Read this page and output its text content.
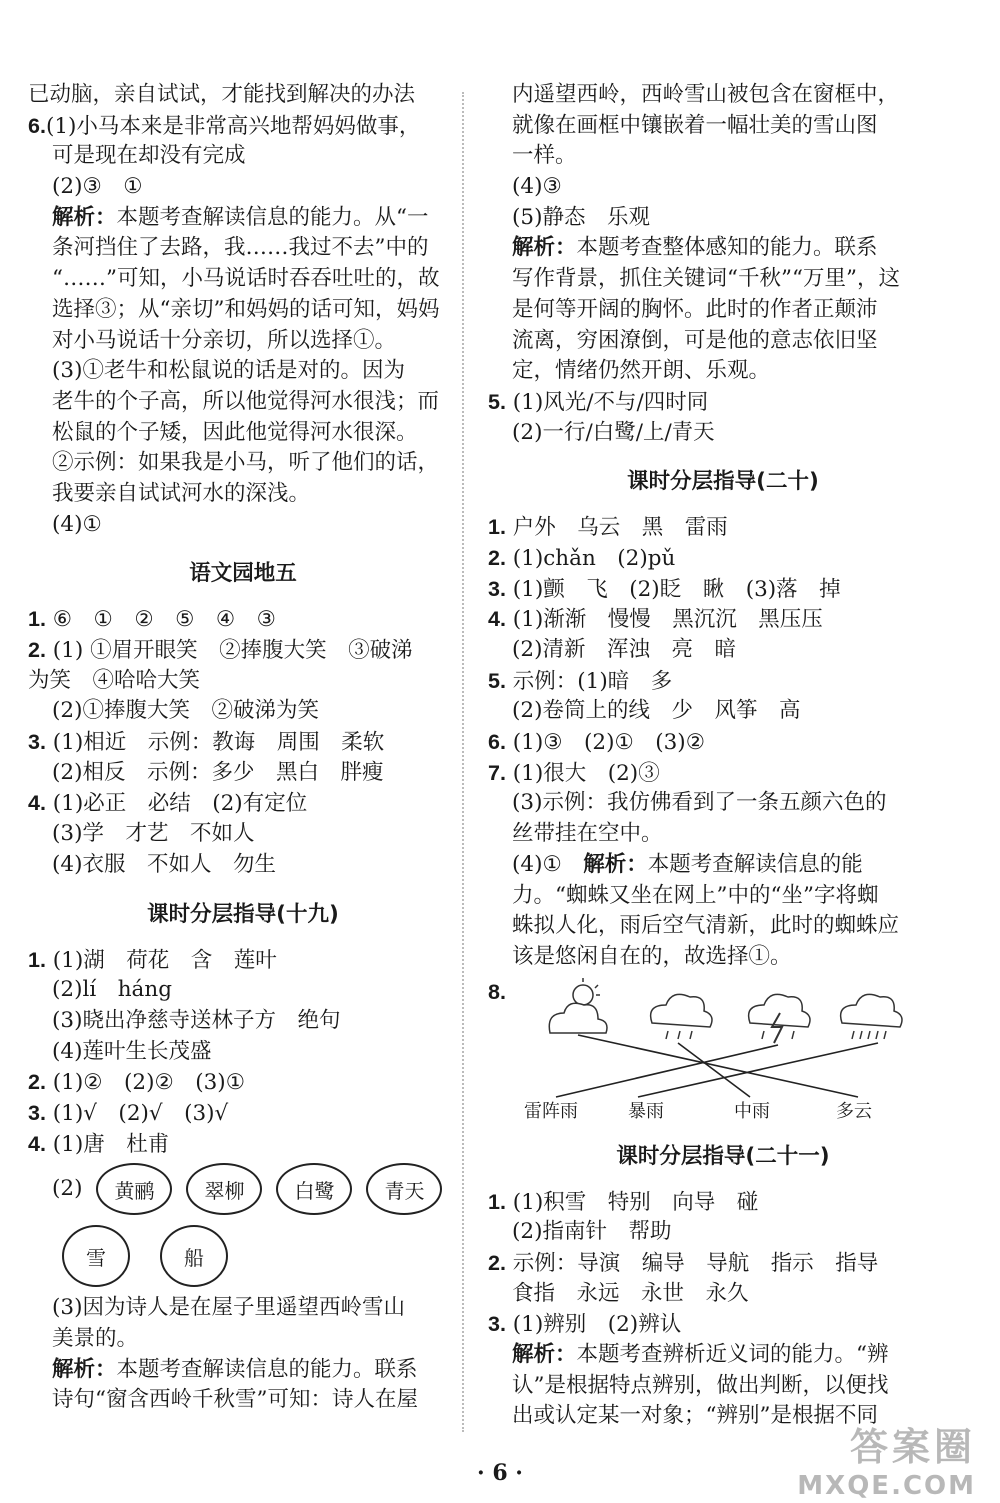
已动脑，亲自试试，才能找到解决的办法
6.(1)小马本来是非常高兴地帮妈妈做事，
可是现在却没有完成
(2)③　①
解析：本题考查解读信息的能力。从“一
条河挡住了去路，我……我过不去”中的
“……”可知，小马说话时吞吞吐吐的，故
选择③；从“亲切”和妈妈的话可知，妈妈
对小马说话十分亲切，所以选择①。
(3)①老牛和松鼠说的话是对的。因为
老牛的个子高，所以他觉得河水很浅；而
松鼠的个子矮，因此他觉得河水很深。
②示例：如果我是小马，听了他们的话，
我要亲自试试河水的深浅。
(4)①
语文园地五
1. ⑥　①　②　⑤　④　③
2. (1) ①眉开眼笑　②捧腹大笑　③破涕
为笑　④哈哈大笑
(2)①捧腹大笑　②破涕为笑
3. (1)相近　示例：教诲　周围　柔软
(2)相反　示例：多少　黑白　胖瘦
4. (1)必正　必结　(2)有定位
(3)学　才艺　不如人
(4)衣服　不如人　勿生
课时分层指导(十九)
1. (1)湖　荷花　含　莲叶
(2)lí　háng
(3)晓出净慈寺送林子方　绝句
(4)莲叶生长茂盛
2. (1)②　(2)②　(3)①
3. (1)√　(2)√　(3)√
4. (1)唐　杜甫
(2)	黄鹂	翠柳	白鹭	青天
雪	船
(3)因为诗人是在屋子里遥望西岭雪山
美景的。
解析：本题考查解读信息的能力。联系
诗句“窗含西岭千秋雪”可知：诗人在屋
内遥望西岭，西岭雪山被包含在窗框中，
就像在画框中镶嵌着一幅壮美的雪山图
一样。
(4)③
(5)静态　乐观
解析：本题考查整体感知的能力。联系
写作背景，抓住关键词“千秋”“万里”，这
是何等开阔的胸怀。此时的作者正颠沛
流离，穷困潦倒，可是他的意志依旧坚
定，情绪仍然开朗、乐观。
5. (1)风光/不与/四时同
(2)一行/白鹭/上/青天
课时分层指导(二十)
1. 户外　乌云　黑　雷雨
2. (1)chǎn　(2)pǔ
3. (1)颤　飞　(2)眨　瞅　(3)落　掉
4. (1)渐渐　慢慢　黑沉沉　黑压压
(2)清新　浑浊　亮　暗
5. 示例：(1)暗　多
(2)卷筒上的线　少　风筝　高
6. (1)③　(2)①　(3)②
7. (1)很大　(2)③
(3)示例：我仿佛看到了一条五颜六色的
丝带挂在空中。
(4)①　 解析：本题考查解读信息的能
力。“蜘蛛又坐在网上”中的“坐”字将蜘
蛛拟人化，雨后空气清新，此时的蜘蛛应
该是悠闲自在的，故选择①。
8.
雷阵雨	暴雨	中雨	多云
课时分层指导(二十一)
1. (1)积雪　特别　向导　碰
(2)指南针　帮助
2. 示例：导演　编导　导航　指示　指导
食指　永远　永世　永久
3. (1)辨别　(2)辨认
解析：本题考查辨析近义词的能力。“辨
认”是根据特点辨别，做出判断，以便找
出或认定某一对象；“辨别”是根据不同
· 6 ·
答案圈
MXQE.COM
